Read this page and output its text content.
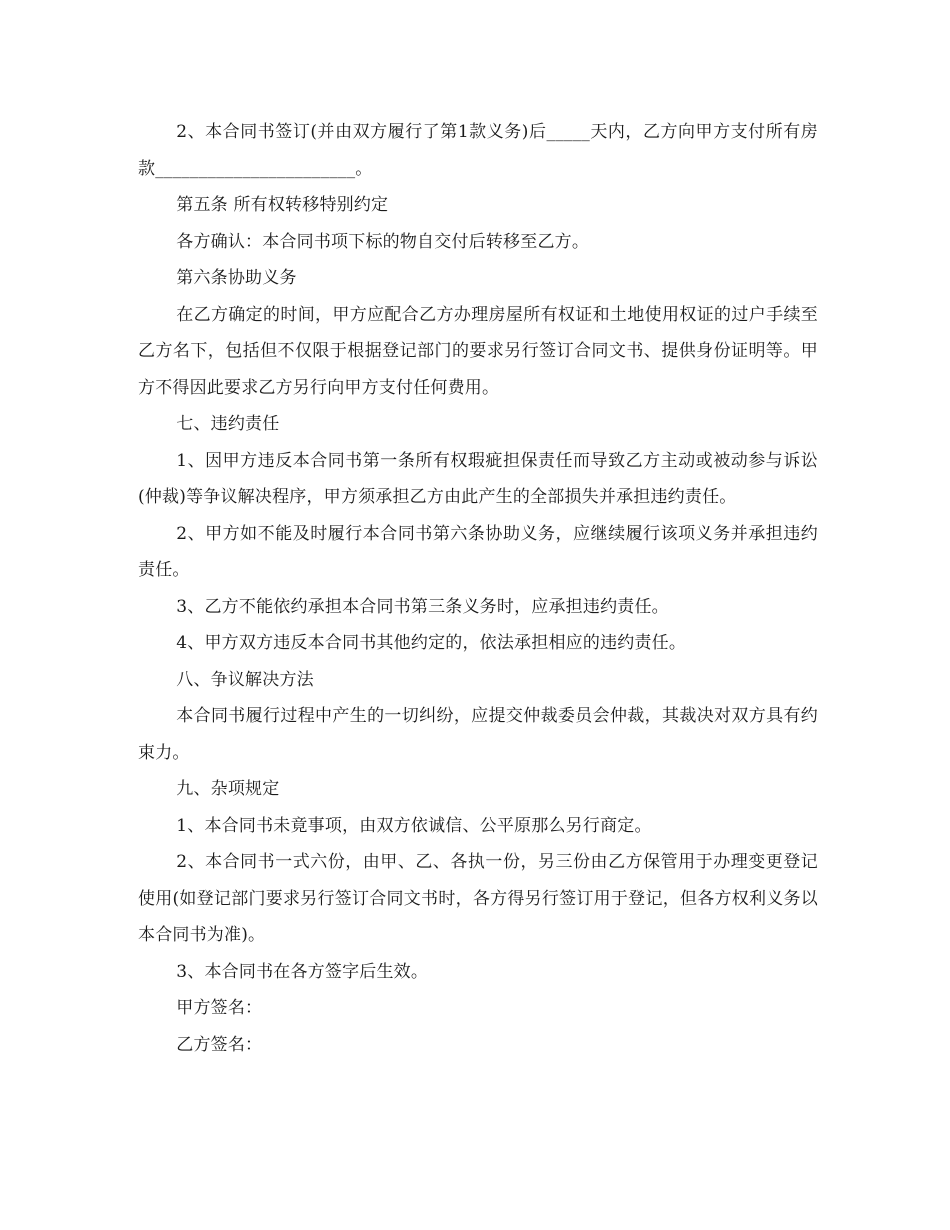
2、本合同书签订(并由双方履行了第1款义务)后_____天内，乙方向甲方支付所有房款_______________________。

第五条 所有权转移特别约定

各方确认：本合同书项下标的物自交付后转移至乙方。

第六条协助义务

在乙方确定的时间，甲方应配合乙方办理房屋所有权证和土地使用权证的过户手续至乙方名下，包括但不仅限于根据登记部门的要求另行签订合同文书、提供身份证明等。甲方不得因此要求乙方另行向甲方支付任何费用。

七、违约责任

1、因甲方违反本合同书第一条所有权瑕疵担保责任而导致乙方主动或被动参与诉讼(仲裁)等争议解决程序，甲方须承担乙方由此产生的全部损失并承担违约责任。

2、甲方如不能及时履行本合同书第六条协助义务，应继续履行该项义务并承担违约责任。

3、乙方不能依约承担本合同书第三条义务时，应承担违约责任。

4、甲方双方违反本合同书其他约定的，依法承担相应的违约责任。

八、争议解决方法

本合同书履行过程中产生的一切纠纷，应提交仲裁委员会仲裁，其裁决对双方具有约束力。

九、杂项规定

1、本合同书未竟事项，由双方依诚信、公平原那么另行商定。

2、本合同书一式六份，由甲、乙、各执一份，另三份由乙方保管用于办理变更登记使用(如登记部门要求另行签订合同文书时，各方得另行签订用于登记，但各方权利义务以本合同书为准)。

3、本合同书在各方签字后生效。

甲方签名：

乙方签名：
